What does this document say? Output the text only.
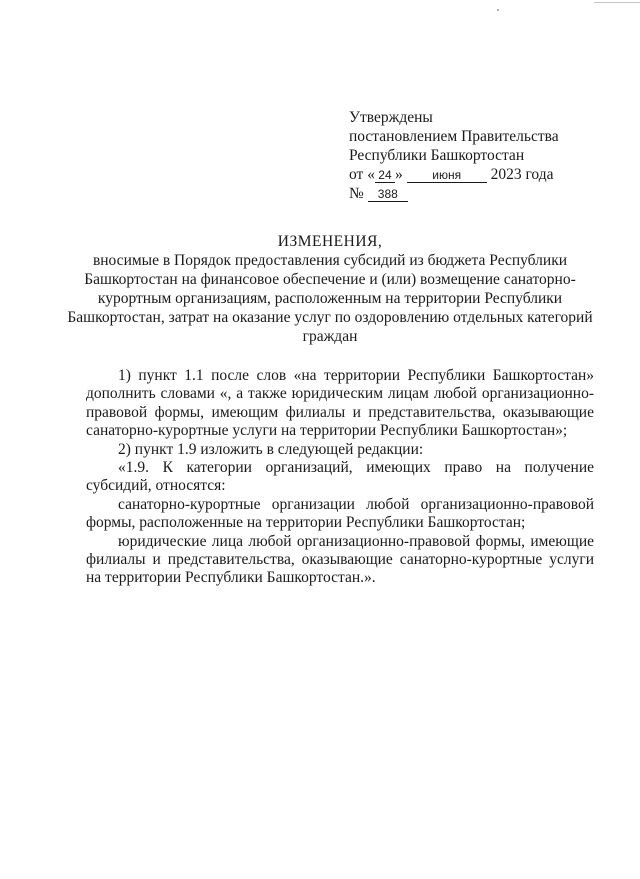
Утверждены
постановлением Правительства
Республики Башкортостан
от « 24 » июня 2023 года
№ 388
ИЗМЕНЕНИЯ,
вносимые в Порядок предоставления субсидий из бюджета Республики Башкортостан на финансовое обеспечение и (или) возмещение санаторно-курортным организациям, расположенным на территории Республики Башкортостан, затрат на оказание услуг по оздоровлению отдельных категорий граждан

1) пункт 1.1 после слов «на территории Республики Башкортостан» дополнить словами «, а также юридическим лицам любой организационно-правовой формы, имеющим филиалы и представительства, оказывающие санаторно-курортные услуги на территории Республики Башкортостан»;

2) пункт 1.9 изложить в следующей редакции:

«1.9. К категории организаций, имеющих право на получение субсидий, относятся:

санаторно-курортные организации любой организационно-правовой формы, расположенные на территории Республики Башкортостан;

юридические лица любой организационно-правовой формы, имеющие филиалы и представительства, оказывающие санаторно-курортные услуги на территории Республики Башкортостан.».
